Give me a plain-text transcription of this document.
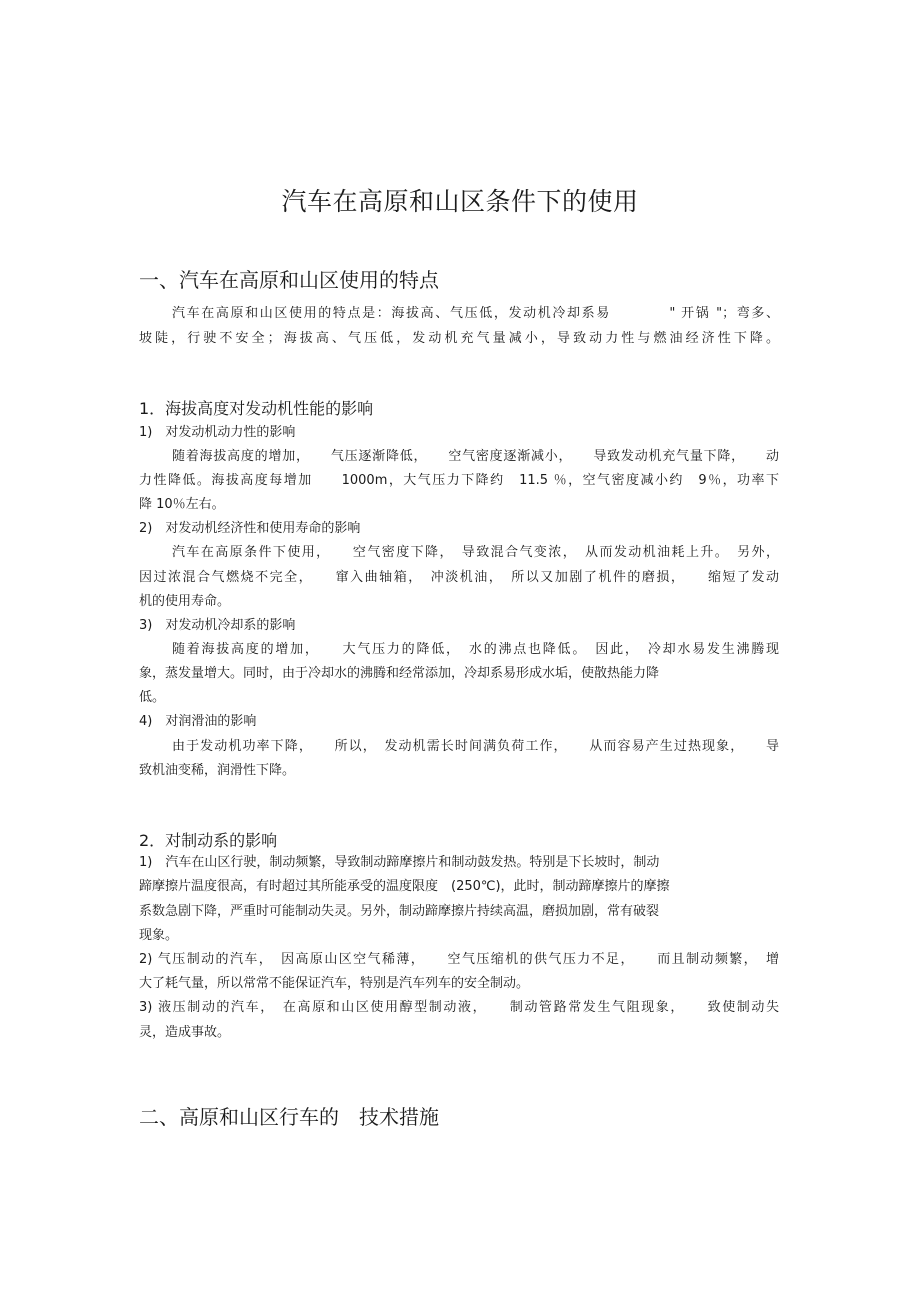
汽车在高原和山区条件下的使用
一、汽车在高原和山区使用的特点
汽车在高原和山区使用的特点是：海拔高、气压低，发动机冷却系易　　　　" 开锅 "；弯多、
坡陡，行驶不安全；海拔高、气压低，发动机充气量减小，导致动力性与燃油经济性下降。
1．海拔高度对发动机性能的影响
1)　对发动机动力性的影响
随着海拔高度的增加，　　气压逐渐降低，　　空气密度逐渐减小，　　导致发动机充气量下降，　　动
力性降低。海拔高度每增加　　1000m，大气压力下降约　11.5 ％，空气密度减小约　9％，功率下
降 10％左右。
2)　对发动机经济性和使用寿命的影响
汽车在高原条件下使用，　　空气密度下降，　导致混合气变浓，　从而发动机油耗上升。　另外，
因过浓混合气燃烧不完全，　　窜入曲轴箱，　冲淡机油，　所以又加剧了机件的磨损，　　缩短了发动
机的使用寿命。
3)　对发动机冷却系的影响
随着海拔高度的增加，　　大气压力的降低，　水的沸点也降低。　因此，　冷却水易发生沸腾现
象，蒸发量增大。同时，由于冷却水的沸腾和经常添加，冷却系易形成水垢，使散热能力降
低。
4)　对润滑油的影响
由于发动机功率下降，　　所以，　发动机需长时间满负荷工作，　　从而容易产生过热现象，　　导
致机油变稀，润滑性下降。
2．对制动系的影响
1)　汽车在山区行驶，制动频繁，导致制动蹄摩擦片和制动鼓发热。特别是下长坡时，制动
蹄摩擦片温度很高，有时超过其所能承受的温度限度　(250℃)，此时，制动蹄摩擦片的摩擦
系数急剧下降，严重时可能制动失灵。另外，制动蹄摩擦片持续高温，磨损加剧，常有破裂
现象。
2) 气压制动的汽车，　因高原山区空气稀薄，　　空气压缩机的供气压力不足，　　而且制动频繁，　增
大了耗气量，所以常常不能保证汽车，特别是汽车列车的安全制动。
3) 液压制动的汽车，　在高原和山区使用醇型制动液，　　制动管路常发生气阻现象，　　致使制动失
灵，造成事故。
二、高原和山区行车的　技术措施
